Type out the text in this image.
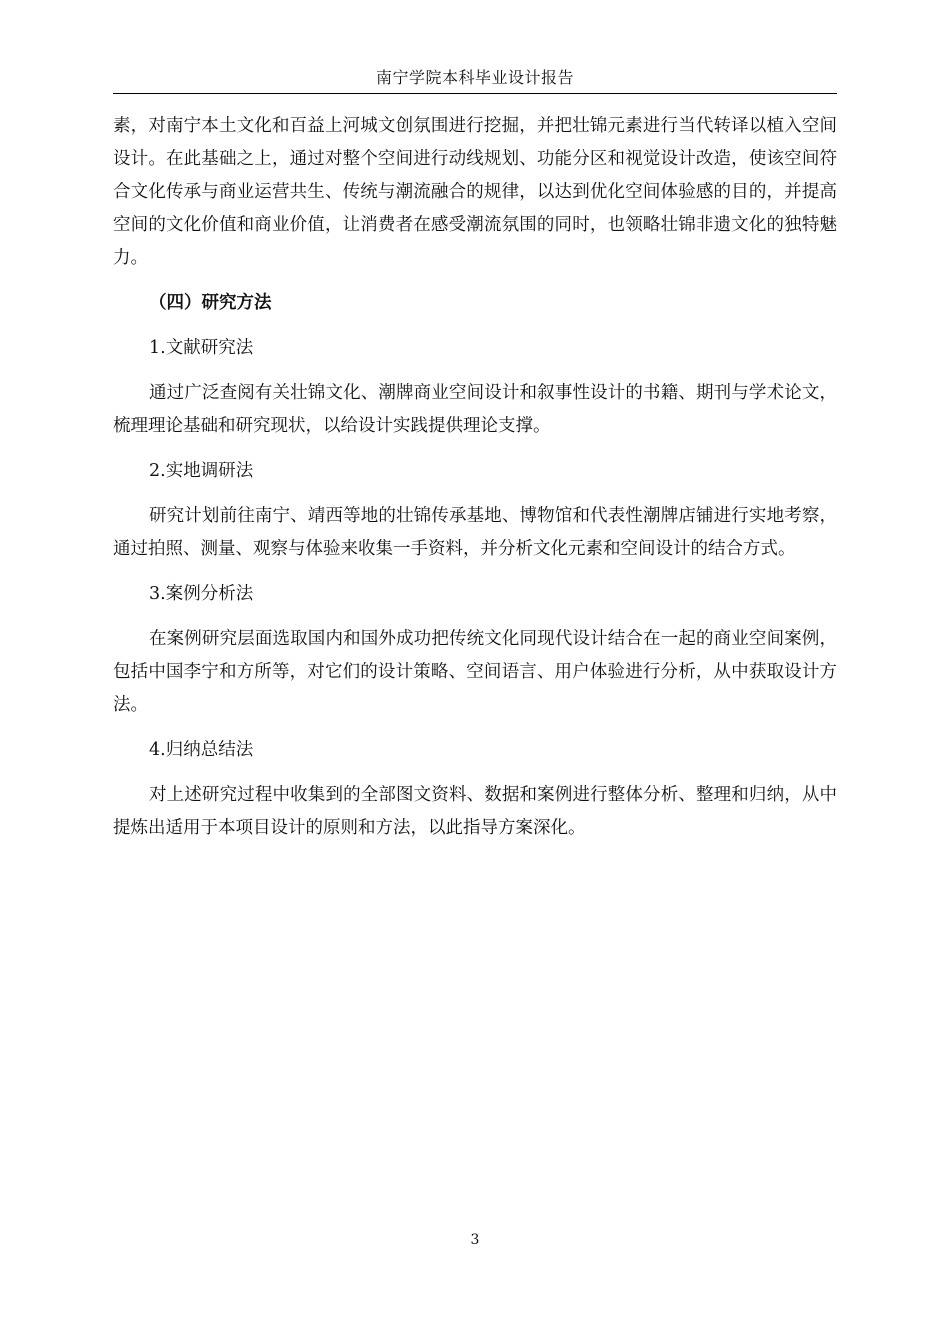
南宁学院本科毕业设计报告

素，对南宁本土文化和百益上河城文创氛围进行挖掘，并把壮锦元素进行当代转译以植入空间设计。在此基础之上，通过对整个空间进行动线规划、功能分区和视觉设计改造，使该空间符合文化传承与商业运营共生、传统与潮流融合的规律，以达到优化空间体验感的目的，并提高空间的文化价值和商业价值，让消费者在感受潮流氛围的同时，也领略壮锦非遗文化的独特魅力。

（四）研究方法

1.文献研究法

通过广泛查阅有关壮锦文化、潮牌商业空间设计和叙事性设计的书籍、期刊与学术论文，梳理理论基础和研究现状，以给设计实践提供理论支撑。

2.实地调研法

研究计划前往南宁、靖西等地的壮锦传承基地、博物馆和代表性潮牌店铺进行实地考察，通过拍照、测量、观察与体验来收集一手资料，并分析文化元素和空间设计的结合方式。

3.案例分析法

在案例研究层面选取国内和国外成功把传统文化同现代设计结合在一起的商业空间案例，包括中国李宁和方所等，对它们的设计策略、空间语言、用户体验进行分析，从中获取设计方法。

4.归纳总结法

对上述研究过程中收集到的全部图文资料、数据和案例进行整体分析、整理和归纳，从中提炼出适用于本项目设计的原则和方法，以此指导方案深化。

3
